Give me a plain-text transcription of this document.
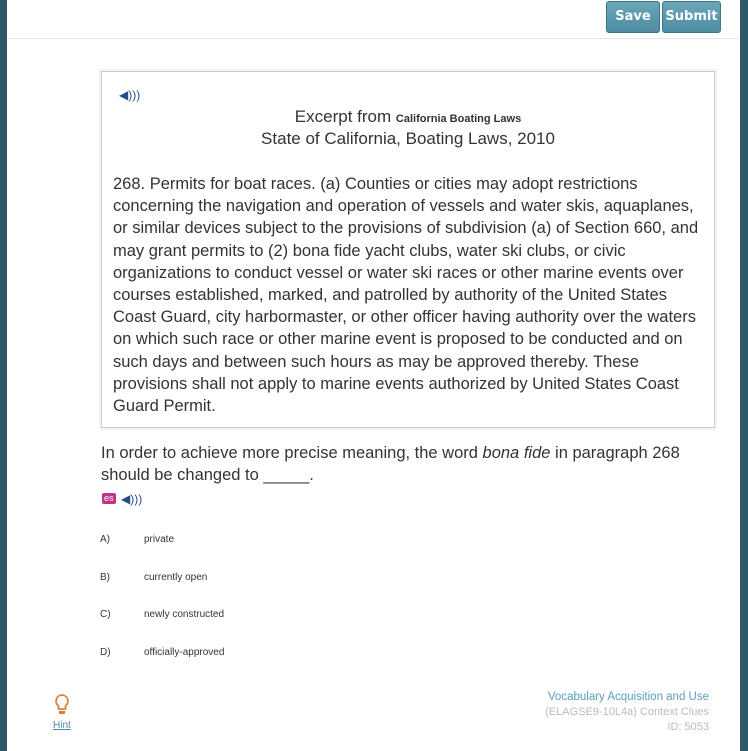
Save	Submit
◀︎)))
Excerpt from California Boating Laws
State of California, Boating Laws, 2010
268. Permits for boat races. (a) Counties or cities may adopt restrictions concerning the navigation and operation of vessels and water skis, aquaplanes, or similar devices subject to the provisions of subdivision (a) of Section 660, and may grant permits to (2) bona fide yacht clubs, water ski clubs, or civic organizations to conduct vessel or water ski races or other marine events over courses established, marked, and patrolled by authority of the United States Coast Guard, city harbormaster, or other officer having authority over the waters on which such race or other marine event is proposed to be conducted and on such days and between such hours as may be approved thereby. These provisions shall not apply to marine events authorized by United States Coast Guard Permit.
In order to achieve more precise meaning, the word bona fide in paragraph 268 should be changed to _____.
es ◀︎)))
A)	private
B)	currently open
C)	newly constructed
D)	officially-approved

Hint
Vocabulary Acquisition and Use
(ELAGSE9-10L4a) Context Clues
ID: 5053
